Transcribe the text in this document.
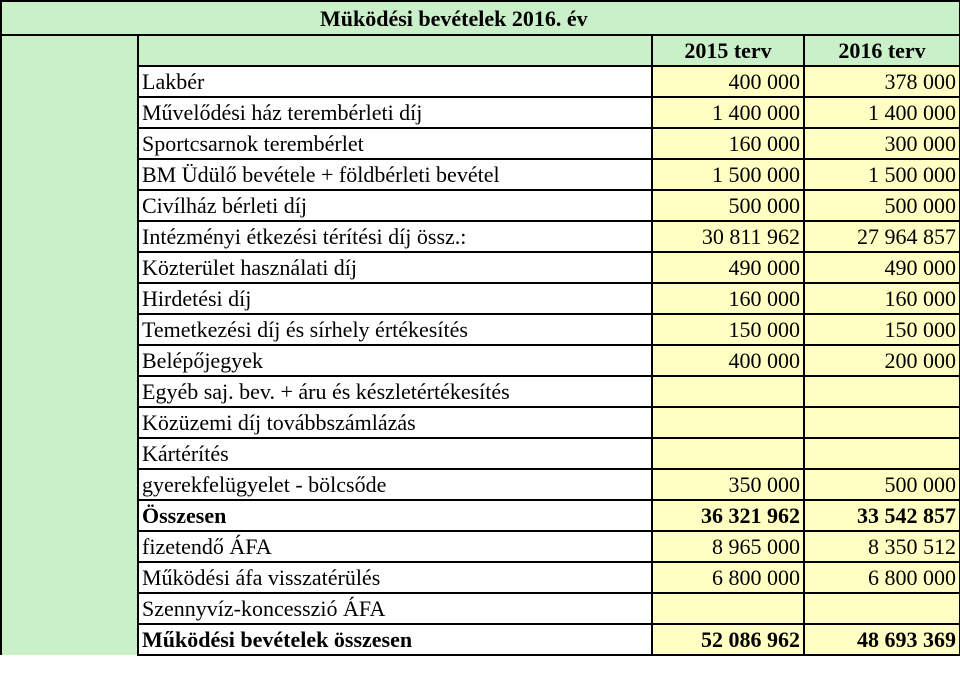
Müködési bevételek 2016. év			
		2015 terv	2016 terv
	Lakbér	400 000	378 000
	Művelődési ház terembérleti díj	1 400 000	1 400 000
	Sportcsarnok terembérlet	160 000	300 000
	BM Üdülő bevétele + földbérleti bevétel	1 500 000	1 500 000
	Civílház bérleti díj	500 000	500 000
	Intézményi étkezési térítési díj össz.:	30 811 962	27 964 857
	Közterület használati díj	490 000	490 000
	Hirdetési díj	160 000	160 000
	Temetkezési díj és sírhely értékesítés	150 000	150 000
	Belépőjegyek	400 000	200 000
	Egyéb saj. bev. + áru és készletértékesítés		
	Közüzemi díj továbbszámlázás		
	Kártérítés		
	gyerekfelügyelet - bölcsőde	350 000	500 000
	Összesen	36 321 962	33 542 857
	fizetendő ÁFA	8 965 000	8 350 512
	Működési áfa visszatérülés	6 800 000	6 800 000
	Szennyvíz-koncesszió ÁFA		
	Működési bevételek összesen	52 086 962	48 693 369
